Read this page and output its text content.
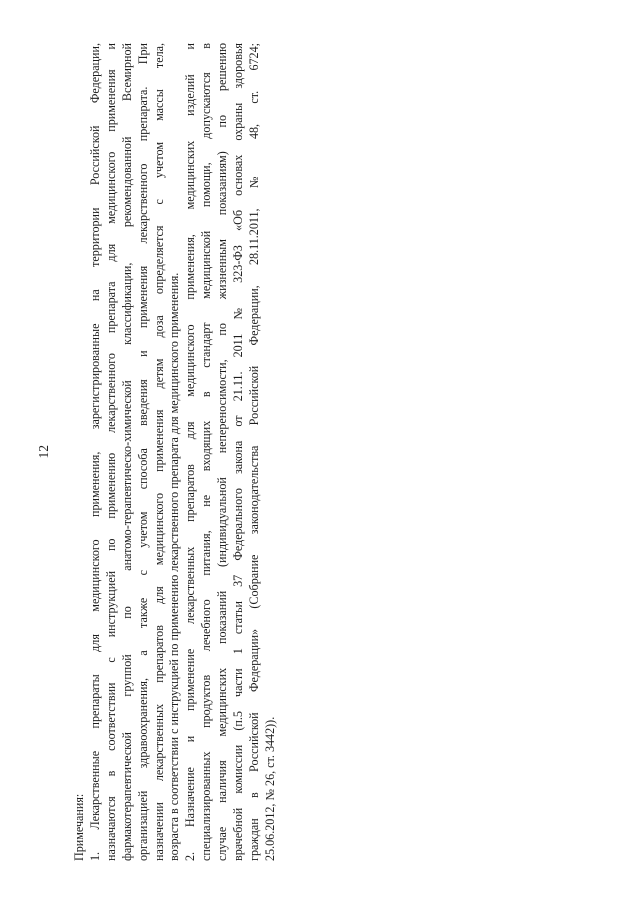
12

Примечания: 1. Лекарственные препараты для медицинского применения, зарегистрированные на территории Российской Федерации, назначаются в соответствии с инструкцией по применению лекарственного препарата для медицинского применения и фармакотерапевтической группой по анатомо-терапевтическо-химической классификации, рекомендованной Всемирной организацией здравоохранения, а также с учетом способа введения и применения лекарственного препарата. При назначении лекарственных препаратов для медицинского применения детям доза определяется с учетом массы тела, возраста в соответствии с инструкцией по применению лекарственного препарата для медицинского применения. 2. Назначение и применение лекарственных препаратов для медицинского применения, медицинских изделий и специализированных продуктов лечебного питания, не входящих в стандарт медицинской помощи, допускаются в случае наличия медицинских показаний (индивидуальной непереносимости, по жизненным показаниям) по решению врачебной комиссии (п.5 части 1 статьи 37 Федерального закона от 21.11. 2011 № 323-ФЗ «Об основах охраны здоровья граждан в Российской Федерации» (Собрание законодательства Российской Федерации, 28.11.2011, № 48, ст. 6724; 25.06.2012, № 26, ст. 3442)).
